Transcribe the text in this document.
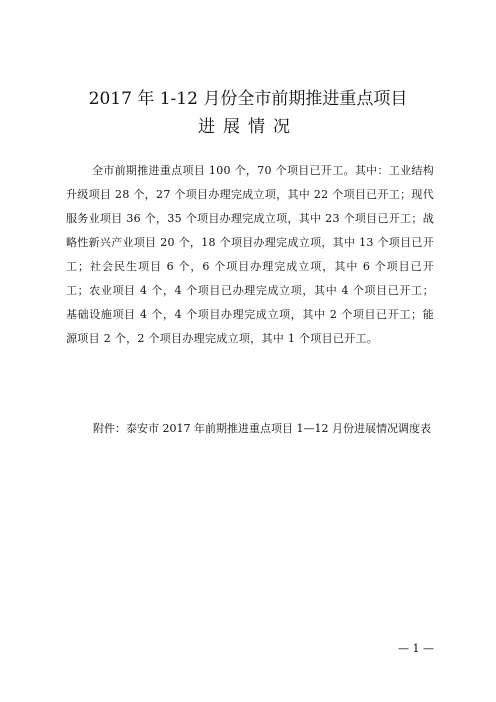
2017 年 1-12 月份全市前期推进重点项目
进展情况

全市前期推进重点项目 100 个，70 个项目已开工。其中：工业结构升级项目 28 个，27 个项目办理完成立项，其中 22 个项目已开工；现代服务业项目 36 个，35 个项目办理完成立项，其中 23 个项目已开工；战略性新兴产业项目 20 个，18 个项目办理完成立项，其中 13 个项目已开工；社会民生项目 6 个，6 个项目办理完成立项，其中 6 个项目已开工；农业项目 4 个，4 个项目已办理完成立项，其中 4 个项目已开工；基础设施项目 4 个，4 个项目办理完成立项，其中 2 个项目已开工；能源项目 2 个，2 个项目办理完成立项，其中 1 个项目已开工。

附件： 泰安市 2017 年前期推进重点项目 1—12 月份进展情况调度表
— 1 —
